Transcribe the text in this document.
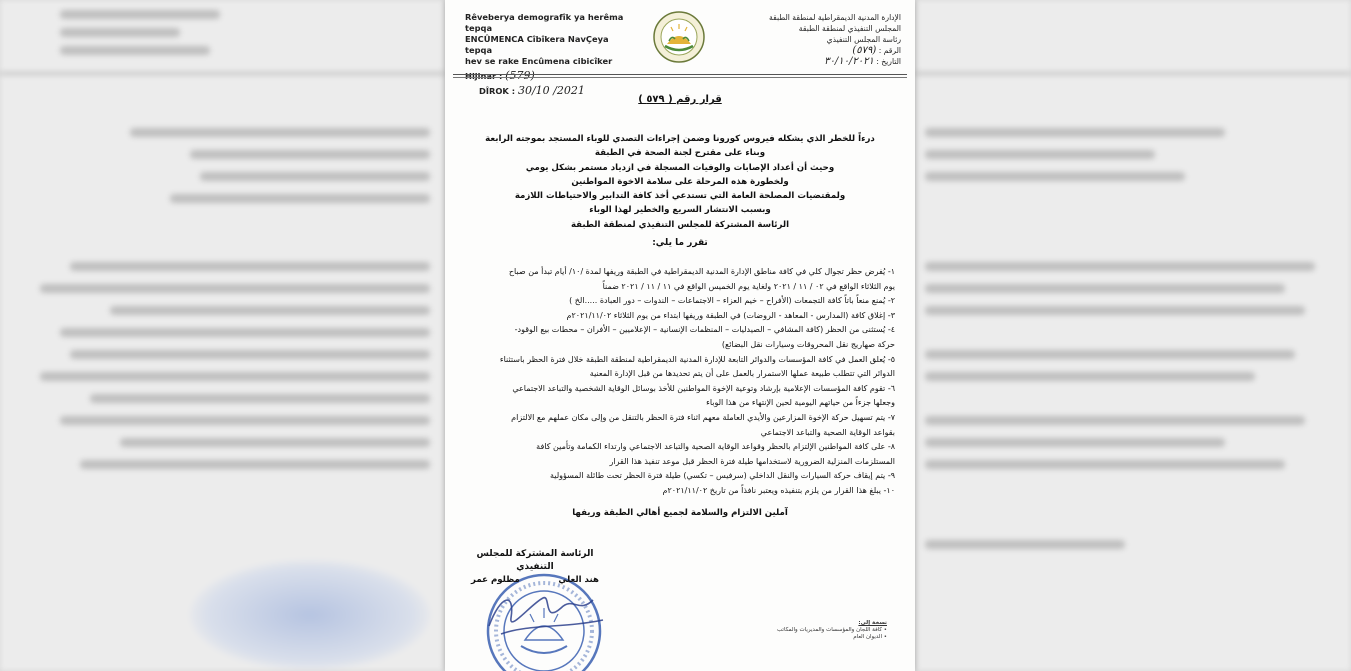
Rêveberya demografîk ya herêma tepqa
ENCÛMENCA Cîbîkera NavÇeya tepqa
hev se rake Encûmena cibicîker
Hijinar : (579)
DÎROK : 30/10 /2021
الإدارة المدنية الديمقراطية لمنطقة الطبقة
المجلس التنفيذي لمنطقة الطبقة
رئاسة المجلس التنفيذي
الرقم : (٥٧٩)
التاريخ : ٣٠/١٠/٢٠٢١
قرار رقم ( ٥٧٩ )
درءاً للخطر الذي يشكله فيروس كورونا وضمن إجراءات التصدي للوباء المستجد بموجته الرابعة
وبناء على مقترح لجنة الصحة في الطبقة
وحيث أن أعداد الإصابات والوفيات المسجلة في ازدياد مستمر بشكل يومي
ولخطورة هذه المرحلة على سلامة الاخوة المواطنين
ولمقتضيات المصلحة العامة التي تستدعي أخذ كافة التدابير والاحتياطات اللازمة
وبسبب الانتشار السريع والخطير لهذا الوباء
الرئاسة المشتركة للمجلس التنفيذي لمنطقة الطبقة
تقرر ما يلي:
١- يُفرض حظر تجوال كلي في كافة مناطق الإدارة المدنية الديمقراطية في الطبقة وريفها لمدة /١٠/ أيام تبدأ من صباح
يوم الثلاثاء الواقع في ٠٢ / ١١ / ٢٠٢١ ولغاية يوم الخميس الواقع في ١١ / ١١ / ٢٠٢١ ضمناً
٢- يُمنع منعاً باتاً كافة التجمعات (الأفراح – خيم العزاء – الاجتماعات – الندوات – دور العبادة .....الخ )
٣- إغلاق كافة (المدارس - المعاهد - الروضات) في الطبقة وريفها ابتداء من يوم الثلاثاء ٢٠٢١/١١/٠٢م
٤- يُستثنى من الحظر (كافة المشافي – الصيدليات – المنظمات الإنسانية – الإعلاميين – الأفران – محطات بيع الوقود-
حركة صهاريج نقل المحروقات وسيارات نقل البضائع)
٥- يُعلق العمل في كافة المؤسسات والدوائر التابعة للإدارة المدنية الديمقراطية لمنطقة الطبقة خلال فترة الحظر باستثناء
الدوائر التي تتطلب طبيعة عملها الاستمرار بالعمل على أن يتم تحديدها من قبل الإدارة المعنية
٦- تقوم كافة المؤسسات الإعلامية بإرشاد وتوعية الإخوة المواطنين للأخذ بوسائل الوقاية الشخصية والتباعد الاجتماعي
وجعلها جزءاً من حياتهم اليومية لحين الإنتهاء من هذا الوباء
٧- يتم تسهيل حركة الإخوة المزارعين والأيدي العاملة معهم اثناء فترة الحظر بالتنقل من وإلى مكان عملهم مع الالتزام
بقواعد الوقاية الصحية والتباعد الاجتماعي
٨- على كافة المواطنين الإلتزام بالحظر وقواعد الوقاية الصحية والتباعد الاجتماعي وارتداء الكمامة وتأمين كافة
المستلزمات المنزلية الضرورية لاستخدامها طيلة فترة الحظر قبل موعد تنفيذ هذا القرار
٩- يتم إيقاف حركة السيارات والنقل الداخلي (سرفيس – تكسي) طيلة فترة الحظر تحت طائلة المسؤولية
١٠- يبلغ هذا القرار من يلزم بتنفيذه ويعتبر نافذاً من تاريخ ٢٠٢١/١١/٠٢م
آملين الالتزام والسلامة لجميع أهالي الطبقة وريفها
الرئاسة المشتركة للمجلس التنفيذي
هند العلي
مظلوم عمر
نسخة إلى:
• كافة اللجان والمؤسسات والمديريات والمكاتب
• الديوان العام
